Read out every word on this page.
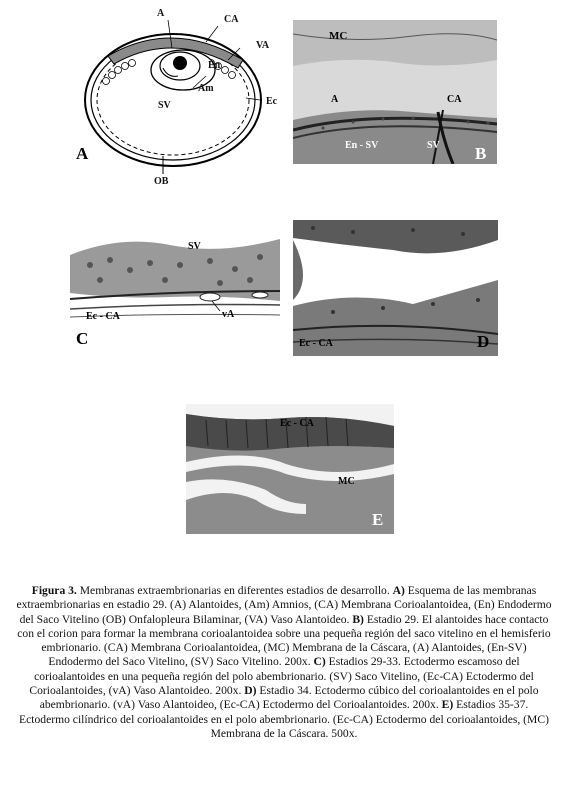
A
CA
VA
En
Am
SV	Ec
OB
A
MC
A	CA
En - SV	SV B
SV
Ec - CA	vA
C	Ec - CA	D
Ec - CA
MC
E
Figura 3. Membranas extraembrionarias en diferentes estadios de desarrollo. A) Esquema de las membranas extraembrionarias en estadio 29. (A) Alantoides, (Am) Amnios, (CA) Membrana Corioalantoidea, (En) Endodermo del Saco Vitelino (OB) Onfalopleura Bilaminar, (VA) Vaso Alantoideo. B) Estadio 29. El alantoides hace contacto con el corion para formar la membrana corioalantoidea sobre una pequeña región del saco vitelino en el hemisferio embrionario. (CA) Membrana Corioalantoidea, (MC) Membrana de la Cáscara, (A) Alantoides, (En-SV) Endodermo del Saco Vitelino, (SV) Saco Vitelino. 200x. C) Estadios 29-33. Ectodermo escamoso del corioalantoides en una pequeña región del polo abembrionario. (SV) Saco Vitelino, (Ec-CA) Ectodermo del Corioalantoides, (vA) Vaso Alantoideo. 200x. D) Estadio 34. Ectodermo cúbico del corioalantoides en el polo abembrionario. (vA) Vaso Alantoideo, (Ec-CA) Ectodermo del Corioalantoides. 200x. E) Estadios 35-37. Ectodermo cilíndrico del corioalantoides en el polo abembrionario. (Ec-CA) Ectodermo del corioalantoides, (MC) Membrana de la Cáscara. 500x.
